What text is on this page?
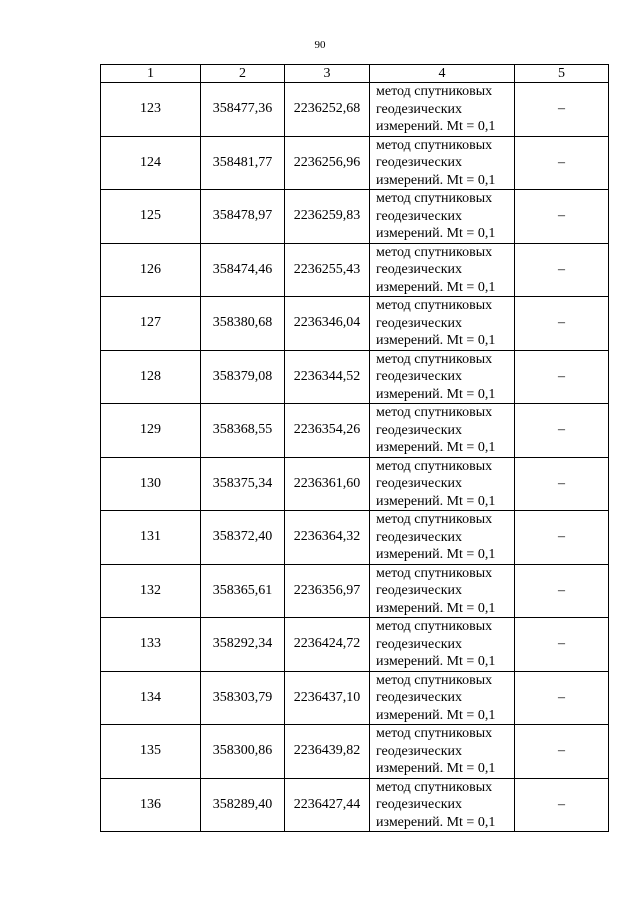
90
1	2	3	4	5
123	358477,36	2236252,68	метод спутниковых
геодезических
измерений. Mt = 0,1	–
124	358481,77	2236256,96	метод спутниковых
геодезических
измерений. Mt = 0,1	–
125	358478,97	2236259,83	метод спутниковых
геодезических
измерений. Mt = 0,1	–
126	358474,46	2236255,43	метод спутниковых
геодезических
измерений. Mt = 0,1	–
127	358380,68	2236346,04	метод спутниковых
геодезических
измерений. Mt = 0,1	–
128	358379,08	2236344,52	метод спутниковых
геодезических
измерений. Mt = 0,1	–
129	358368,55	2236354,26	метод спутниковых
геодезических
измерений. Mt = 0,1	–
130	358375,34	2236361,60	метод спутниковых
геодезических
измерений. Mt = 0,1	–
131	358372,40	2236364,32	метод спутниковых
геодезических
измерений. Mt = 0,1	–
132	358365,61	2236356,97	метод спутниковых
геодезических
измерений. Mt = 0,1	–
133	358292,34	2236424,72	метод спутниковых
геодезических
измерений. Mt = 0,1	–
134	358303,79	2236437,10	метод спутниковых
геодезических
измерений. Mt = 0,1	–
135	358300,86	2236439,82	метод спутниковых
геодезических
измерений. Mt = 0,1	–
136	358289,40	2236427,44	метод спутниковых
геодезических
измерений. Mt = 0,1	–
